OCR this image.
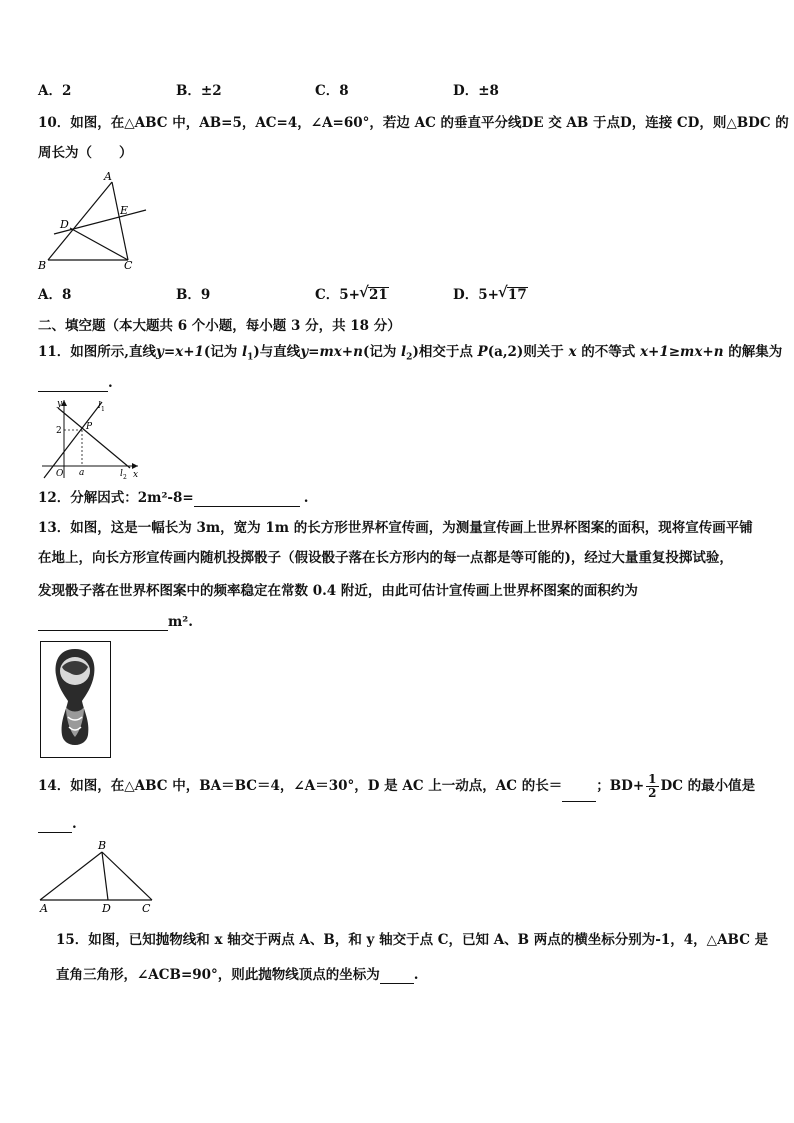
A．2	B．±2	C．8	D．±8
10．如图，在△ABC 中，AB=5，AC=4，∠A=60°，若边 AC 的垂直平分线DE 交 AB 于点D，连接 CD，则△BDC 的
周长为（　　）
A
E
D
B	C
A．8	B．9	C．5+ √ 21	D．5+ √ 17
二、填空题（本大题共 6 个小题，每小题 3 分，共 18 分）
11．如图所示,直线y=x+1(记为 $l_1$)与直线y=mx+n(记为 $l_2$)相交于点 P(a,2)则关于 x 的不等式 x+1≥mx+n 的解集为
.
y	l 1
P
2
O a	x
l 2
12．分解因式：2m²-8=	.
13．如图，这是一幅长为 3m，宽为 1m 的长方形世界杯宣传画，为测量宣传画上世界杯图案的面积，现将宣传画平铺
在地上，向长方形宣传画内随机投掷骰子（假设骰子落在长方形内的每一点都是等可能的)，经过大量重复投掷试验，
发现骰子落在世界杯图案中的频率稳定在常数 0.4 附近，由此可估计宣传画上世界杯图案的面积约为
m².
14．如图，在△ABC 中，BA＝BC＝4，∠A＝30°，D 是 AC 上一动点，AC 的长＝	；$BD+ \frac{1}{2}$ DC 的最小值是
.
B
A	D	C
15．如图，已知抛物线和 x 轴交于两点 A、B，和 y 轴交于点 C，已知 A、B 两点的横坐标分别为-1，4，△ABC 是
直角三角形，∠ACB=90°，则此抛物线顶点的坐标为	.
